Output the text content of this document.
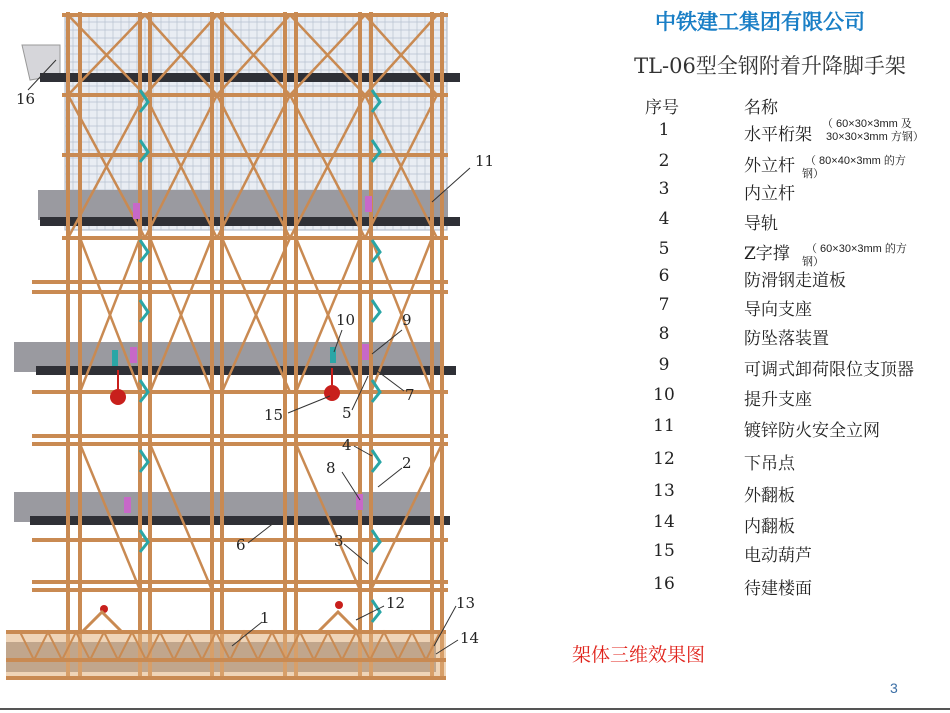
16
11
10	9
15	5
7
4
2
8
6	3
12
1
13
14
中铁建工集团有限公司
TL-06型全钢附着升降脚手架
序号	名称
1	水平桁架
（ 60×30×3mm 及
30×30×3mm 方钢）
2	外立杆 （ 80×40×3mm 的方
钢）
3	内立杆
4	导轨
5	Z字撑 （ 60×30×3mm 的方
钢）
6	防滑钢走道板
7	导向支座
8	防坠落装置
9	可调式卸荷限位支顶器
10	提升支座
11	镀锌防火安全立网
12	下吊点
13	外翻板
14	内翻板
15	电动葫芦
16	待建楼面
架体三维效果图
3
